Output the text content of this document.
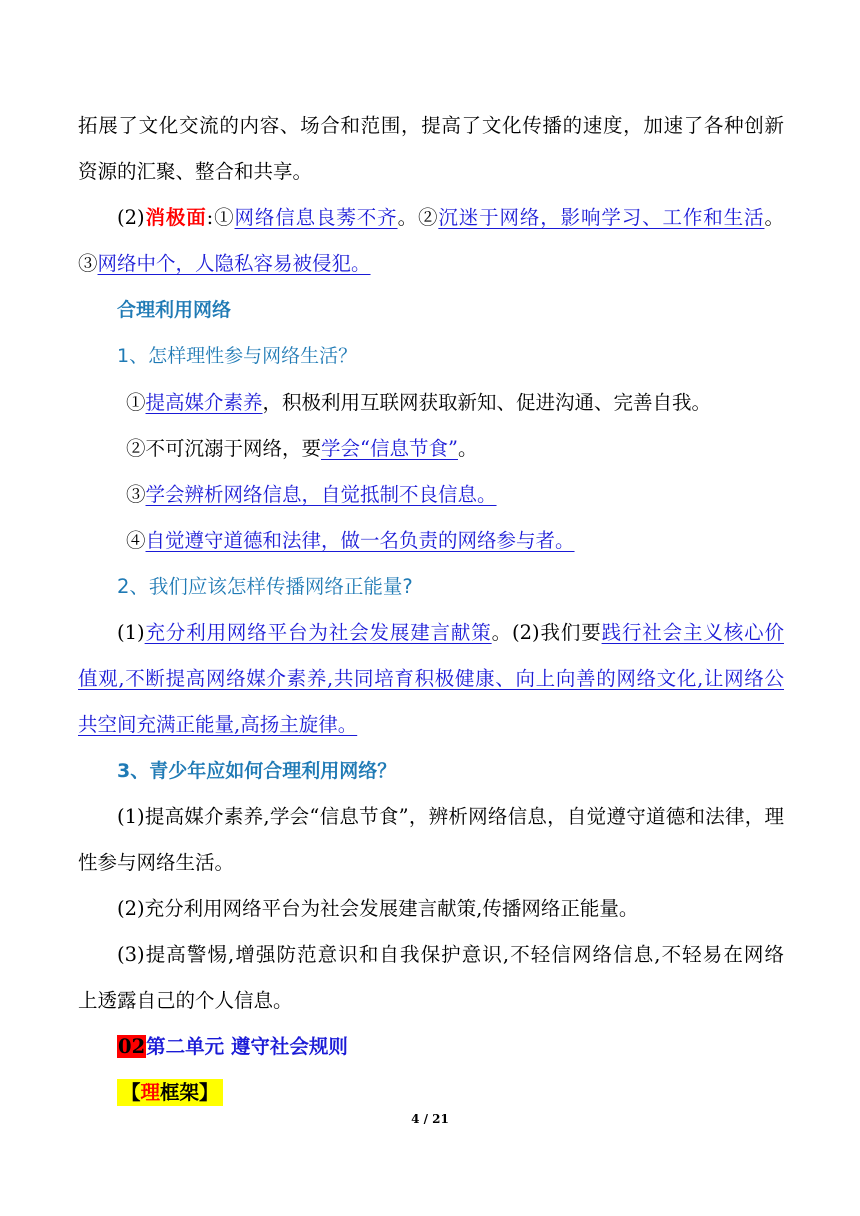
拓展了文化交流的内容、场合和范围，提高了文化传播的速度，加速了各种创新
资源的汇聚、整合和共享。
(2)消极面:①网络信息良莠不齐。②沉迷于网络，影响学习、工作和生活。
③网络中个，人隐私容易被侵犯。
合理利用网络
1、怎样理性参与网络生活？
①提高媒介素养，积极利用互联网获取新知、促进沟通、完善自我。
②不可沉溺于网络，要学会“信息节食”。
③学会辨析网络信息，自觉抵制不良信息。
④自觉遵守道德和法律，做一名负责的网络参与者。
2、我们应该怎样传播网络正能量?
(1)充分利用网络平台为社会发展建言献策。(2)我们要践行社会主义核心价
值观,不断提高网络媒介素养,共同培育积极健康、向上向善的网络文化,让网络公
共空间充满正能量,高扬主旋律。
3、青少年应如何合理利用网络？
(1)提高媒介素养,学会“信息节食”，辨析网络信息，自觉遵守道德和法律，理
性参与网络生活。
(2)充分利用网络平台为社会发展建言献策,传播网络正能量。
(3)提高警惕,增强防范意识和自我保护意识,不轻信网络信息,不轻易在网络
上透露自己的个人信息。
02第二单元 遵守社会规则
【理框架】
4 / 21
